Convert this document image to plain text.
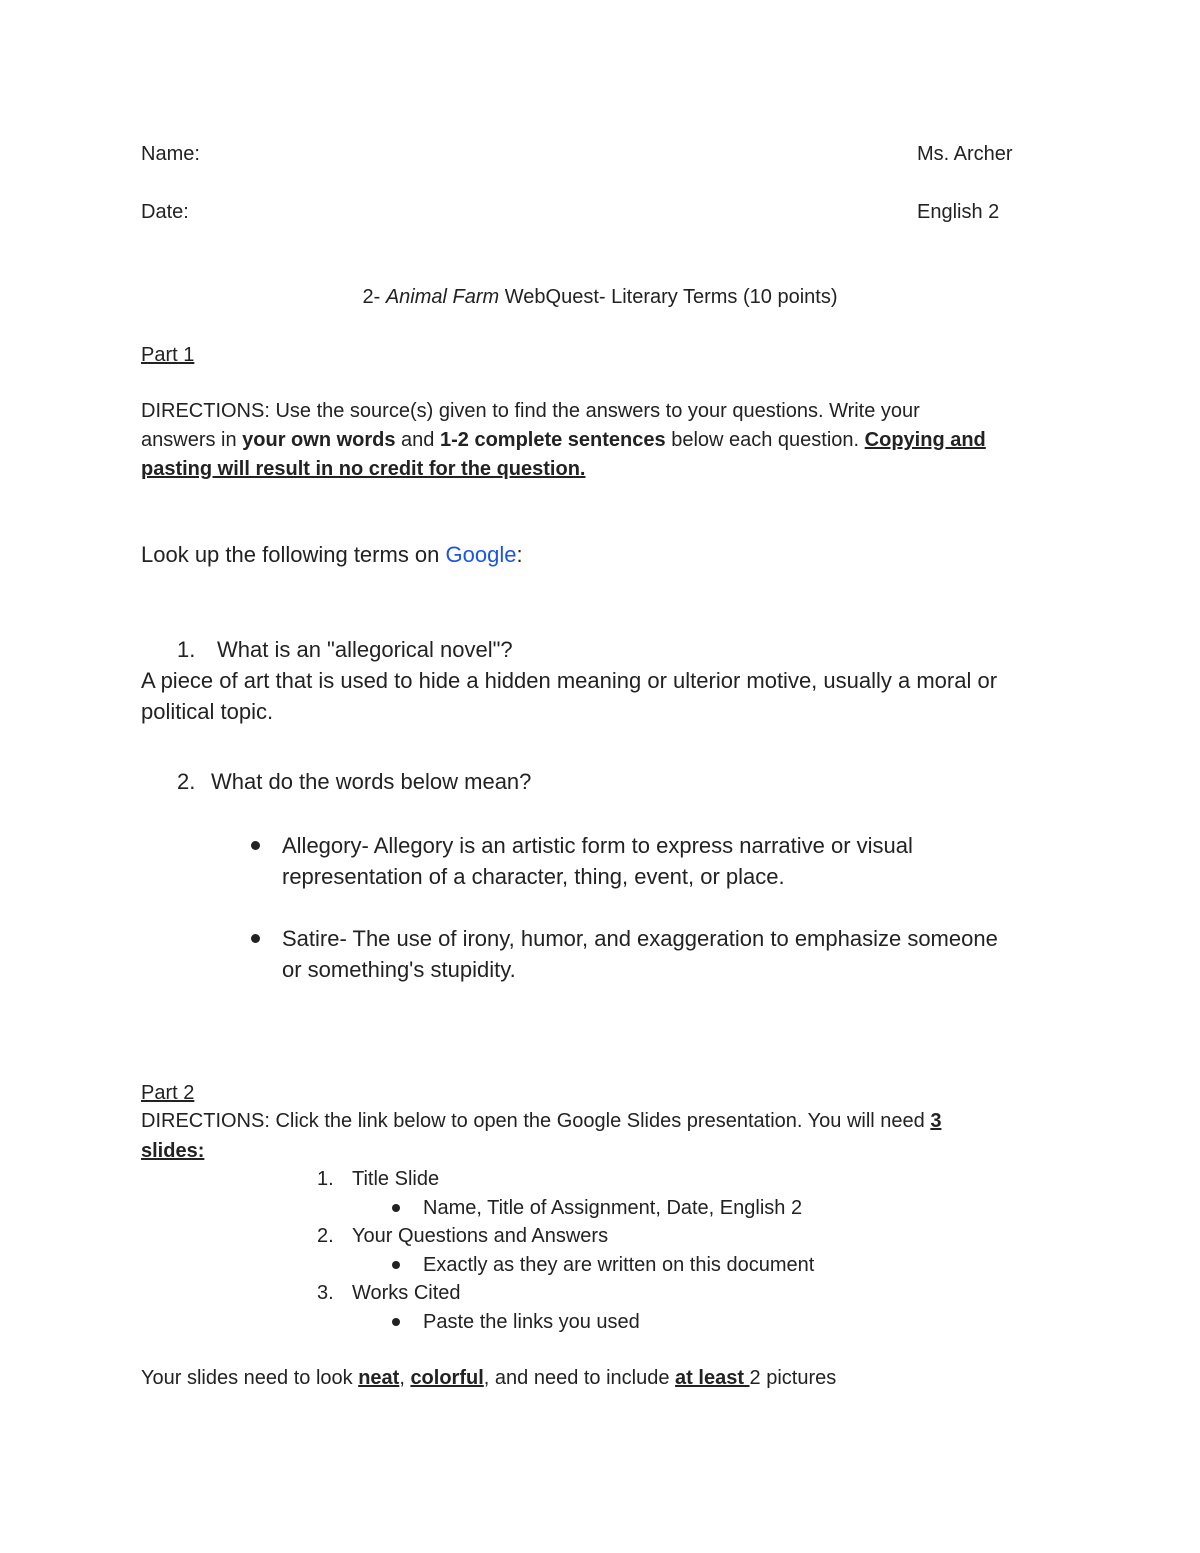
Name:	Ms. Archer
Date:	English 2
2- Animal Farm WebQuest- Literary Terms (10 points)
Part 1
DIRECTIONS: Use the source(s) given to find the answers to your questions. Write your
answers in your own words and 1-2 complete sentences below each question. Copying and
pasting will result in no credit for the question.
Look up the following terms on Google:
1. What is an "allegorical novel"?
A piece of art that is used to hide a hidden meaning or ulterior motive, usually a moral or
political topic.
2. What do the words below mean?
Allegory- Allegory is an artistic form to express narrative or visual
representation of a character, thing, event, or place.
Satire- The use of irony, humor, and exaggeration to emphasize someone
or something's stupidity.
Part 2
DIRECTIONS: Click the link below to open the Google Slides presentation. You will need 3
slides:
1. Title Slide
Name, Title of Assignment, Date, English 2
2. Your Questions and Answers
Exactly as they are written on this document
3. Works Cited
Paste the links you used
Your slides need to look neat, colorful, and need to include at least 2 pictures
